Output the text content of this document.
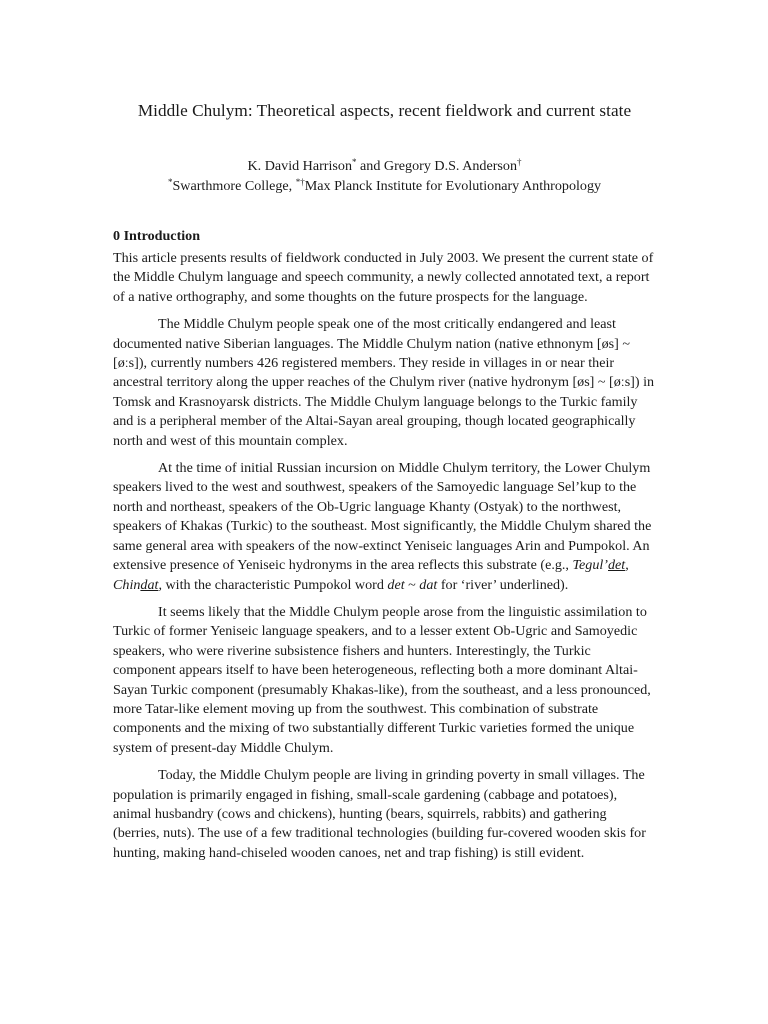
Middle Chulym: Theoretical aspects, recent fieldwork and current state

K. David Harrison* and Gregory D.S. Anderson†

*Swarthmore College, *†Max Planck Institute for Evolutionary Anthropology

0 Introduction

This article presents results of fieldwork conducted in July 2003. We present the current state of the Middle Chulym language and speech community, a newly collected annotated text, a report of a native orthography, and some thoughts on the future prospects for the language.

The Middle Chulym people speak one of the most critically endangered and least documented native Siberian languages. The Middle Chulym nation (native ethnonym [øs] ~ [øːs]), currently numbers 426 registered members. They reside in villages in or near their ancestral territory along the upper reaches of the Chulym river (native hydronym [øs] ~ [øːs]) in Tomsk and Krasnoyarsk districts. The Middle Chulym language belongs to the Turkic family and is a peripheral member of the Altai-Sayan areal grouping, though located geographically north and west of this mountain complex.

At the time of initial Russian incursion on Middle Chulym territory, the Lower Chulym speakers lived to the west and southwest, speakers of the Samoyedic language Sel’kup to the north and northeast, speakers of the Ob-Ugric language Khanty (Ostyak) to the northwest, speakers of Khakas (Turkic) to the southeast. Most significantly, the Middle Chulym shared the same general area with speakers of the now-extinct Yeniseic languages Arin and Pumpokol. An extensive presence of Yeniseic hydronyms in the area reflects this substrate (e.g., Tegul’det, Chindat, with the characteristic Pumpokol word det ~ dat for ‘river’ underlined).

It seems likely that the Middle Chulym people arose from the linguistic assimilation to Turkic of former Yeniseic language speakers, and to a lesser extent Ob-Ugric and Samoyedic speakers, who were riverine subsistence fishers and hunters. Interestingly, the Turkic component appears itself to have been heterogeneous, reflecting both a more dominant Altai-Sayan Turkic component (presumably Khakas-like), from the southeast, and a less pronounced, more Tatar-like element moving up from the southwest. This combination of substrate components and the mixing of two substantially different Turkic varieties formed the unique system of present-day Middle Chulym.

Today, the Middle Chulym people are living in grinding poverty in small villages. The population is primarily engaged in fishing, small-scale gardening (cabbage and potatoes), animal husbandry (cows and chickens), hunting (bears, squirrels, rabbits) and gathering (berries, nuts). The use of a few traditional technologies (building fur-covered wooden skis for hunting, making hand-chiseled wooden canoes, net and trap fishing) is still evident.
